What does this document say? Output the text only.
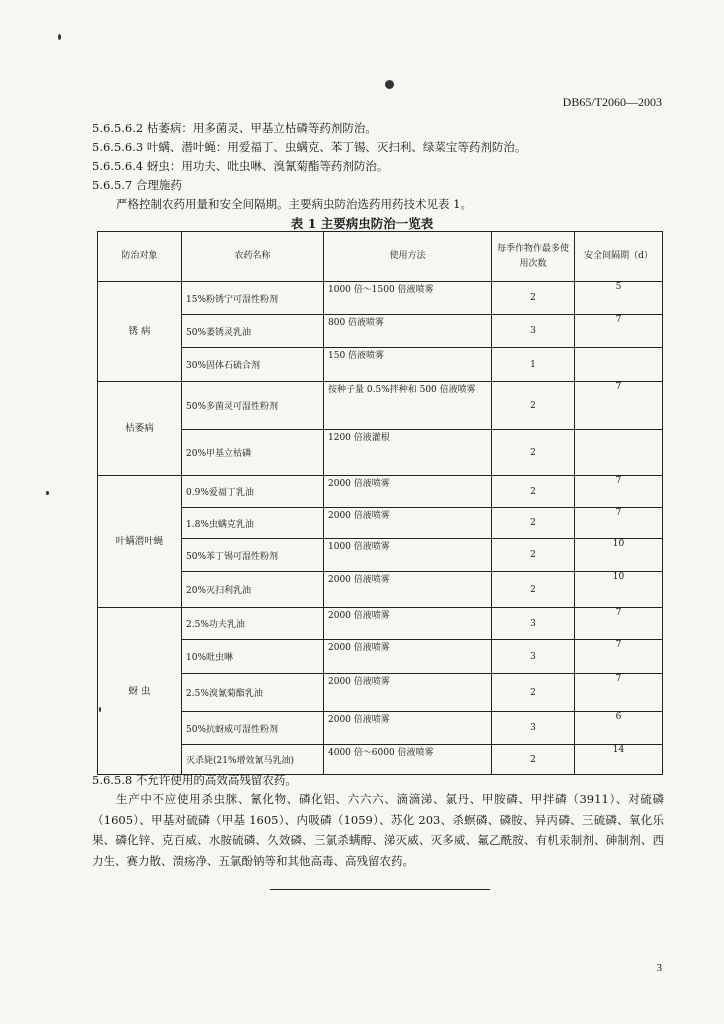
DB65/T2060—2003
5.6.5.6.2 枯萎病：用多菌灵、甲基立枯磷等药剂防治。
5.6.5.6.3 叶螨、潜叶蝇：用爱福丁、虫螨克、苯丁锡、灭扫利、绿菜宝等药剂防治。
5.6.5.6.4 蚜虫：用功夫、吡虫啉、溴氰菊酯等药剂防治。
5.6.5.7 合理施药
严格控制农药用量和安全间隔期。主要病虫防治选药用药技术见表 1。
表 1 主要病虫防治一览表
防治对象	农药名称	使用方法	每季作物作最多使用次数	安全间隔期（d）
锈 病	15%粉锈宁可湿性粉剂	1000 倍～1500 倍液喷雾	2	5
	50%萎锈灵乳油	800 倍液喷雾	3	7
	30%固体石硫合剂	150 倍液喷雾	1	
枯萎病	50%多菌灵可湿性粉剂	按种子量 0.5%拌种和 500 倍液喷雾	2	7
	20%甲基立枯磷	1200 倍液灌根	2	
叶螨潜叶蝇	0.9%爱福丁乳油	2000 倍液喷雾	2	7
	1.8%虫螨克乳油	2000 倍液喷雾	2	7
	50%苯丁锡可湿性粉剂	1000 倍液喷雾	2	10
	20%灭扫利乳油	2000 倍液喷雾	2	10
蚜 虫	2.5%功夫乳油	2000 倍液喷雾	3	7
	10%吡虫啉	2000 倍液喷雾	3	7
	2.5%溴氰菊酯乳油	2000 倍液喷雾	2	7
	50%抗蚜威可湿性粉剂	2000 倍液喷雾	3	6
	灭杀毙(21%增效氰马乳油)	4000 倍～6000 倍液喷雾	2	14
5.6.5.8 不允许使用的高效高残留农药。
生产中不应使用杀虫脒、氰化物、磷化铝、六六六、滴滴涕、氯丹、甲胺磷、甲拌磷（3911）、对硫磷（1605）、甲基对硫磷（甲基 1605）、内吸磷（1059）、苏化 203、杀螟磷、磷胺、异丙磷、三硫磷、氧化乐果、磷化锌、克百威、水胺硫磷、久效磷、三氯杀螨醇、涕灭威、灭多威、氟乙酰胺、有机汞制剂、砷制剂、西力生、赛力散、溃疡净、五氯酚钠等和其他高毒、高残留农药。
3
